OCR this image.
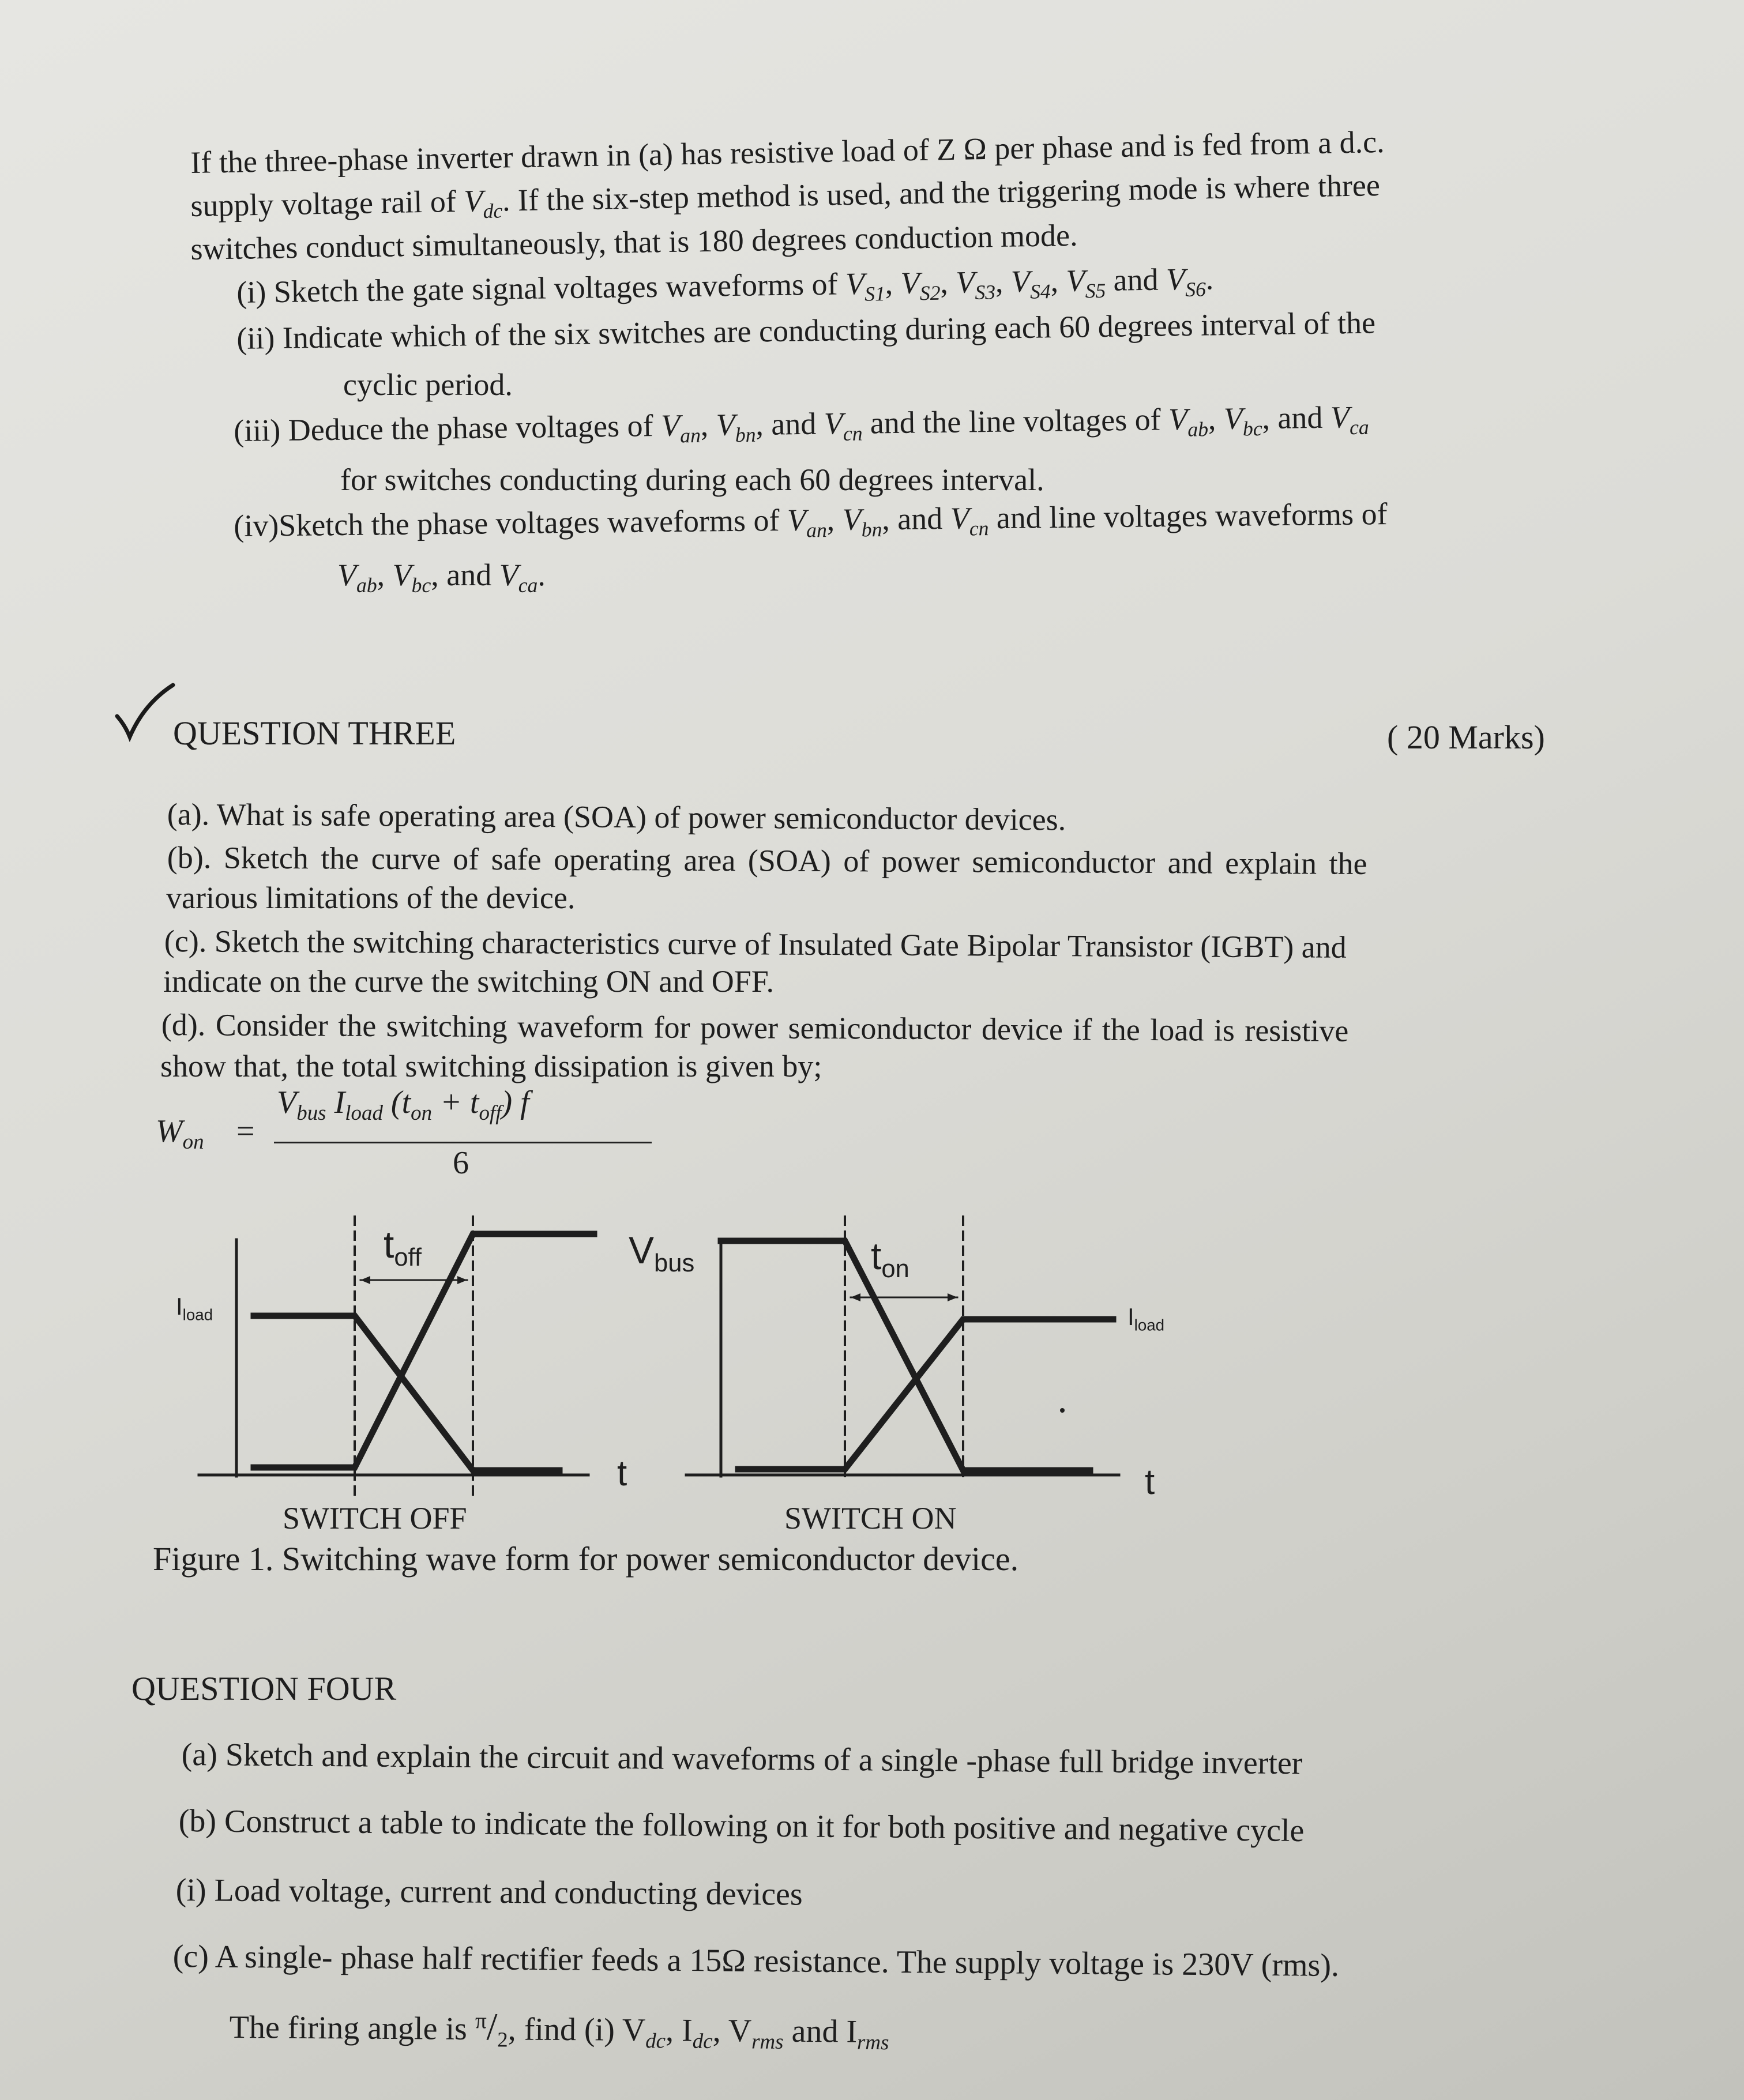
If the three-phase inverter drawn in (a) has resistive load of Z Ω per phase and is fed from a d.c.
supply voltage rail of $V_{dc}$. If the six-step method is used, and the triggering mode is where three
switches conduct simultaneously, that is 180 degrees conduction mode.
(i) Sketch the gate signal voltages waveforms of $V_{S1}$, $V_{S2}$, $V_{S3}$, $V_{S4}$, $V_{S5}$ and $V_{S6}$.
(ii) Indicate which of the six switches are conducting during each 60 degrees interval of the
cyclic period.
(iii) Deduce the phase voltages of $V_{an}$, $V_{bn}$, and $V_{cn}$ and the line voltages of $V_{ab}$, $V_{bc}$, and $V_{ca}$
for switches conducting during each 60 degrees interval.
(iv)Sketch the phase voltages waveforms of $V_{an}$, $V_{bn}$, and $V_{cn}$ and line voltages waveforms of
$V_{ab}$, $V_{bc}$, and $V_{ca}$.
QUESTION THREE	( 20 Marks)
(a). What is safe operating area (SOA) of power semiconductor devices.
(b). Sketch the curve of safe operating area (SOA) of power semiconductor and explain the
various limitations of the device.
(c). Sketch the switching characteristics curve of Insulated Gate Bipolar Transistor (IGBT) and
indicate on the curve the switching ON and OFF.
(d). Consider the switching waveform for power semiconductor device if the load is resistive
show that, the total switching dissipation is given by;
$W_{on}$ =
$V_{bus}$ $I_{load}$ $(t_{on} + t_{off})$ f
6
$t_{off}$	$V_{bus}$	$t_{on}$
$I_{load}$	$I_{load}$
t	t
SWITCH OFF	SWITCH ON
Figure 1. Switching wave form for power semiconductor device.
QUESTION FOUR
(a) Sketch and explain the circuit and waveforms of a single -phase full bridge inverter
(b) Construct a table to indicate the following on it for both positive and negative cycle
(i) Load voltage, current and conducting devices
(c) A single- phase half rectifier feeds a 15Ω resistance. The supply voltage is 230V (rms).
The firing angle is $^\pi/_2$, find (i) $V_{dc}$, $I_{dc}$, $V_{rms}$ and $I_{rms}$
